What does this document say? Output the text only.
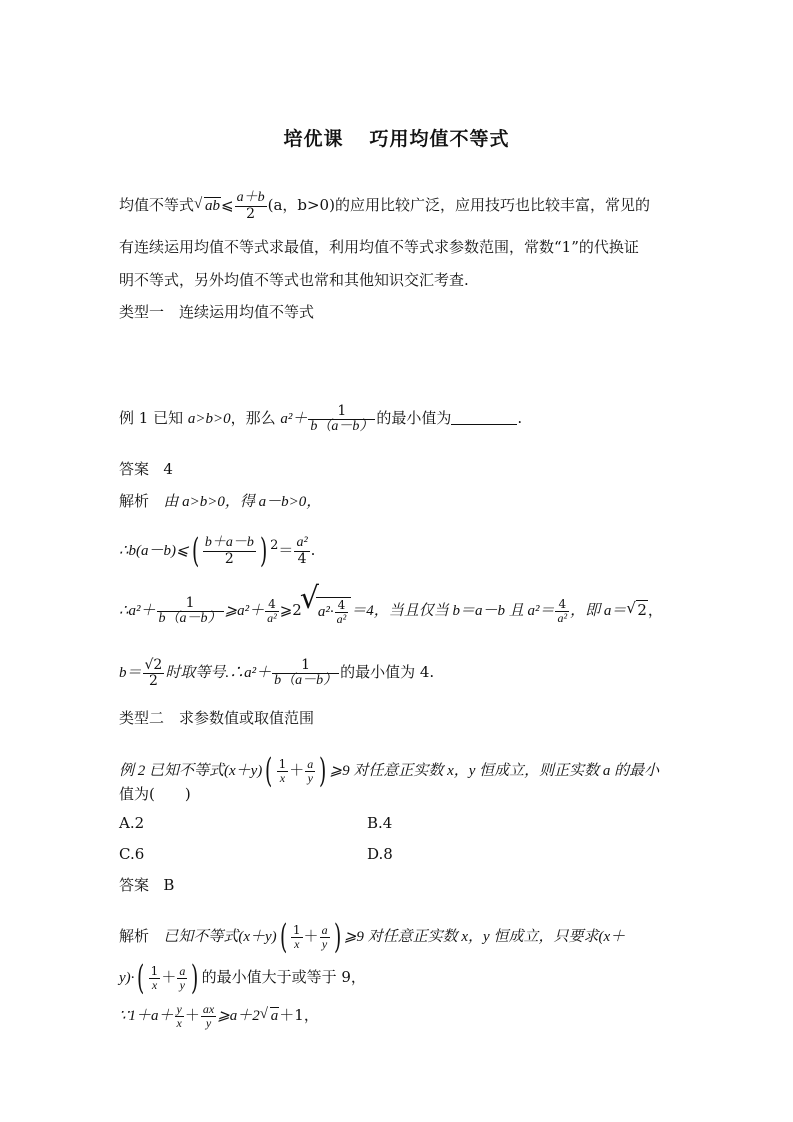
培优课 巧用均值不等式
均值不等式 √ ab⩽ $\frac{a+b}{2} (a$，b>0)的应用比较广泛，应用技巧也比较丰富，常见的
有连续运用均值不等式求最值，利用均值不等式求参数范围，常数“1”的代换证
明不等式，另外均值不等式也常和其他知识交汇考查.
类型一　连续运用均值不等式
例 1 已知 a>b>0，那么 $a^2+ \frac{1}{b(a-b)}$ 的最小值为	.
答案 4
解析 由 a>b>0，得 a－b>0，
∴b(a－b)⩽( $\frac{b+a-b}{2}$ ) $2= \frac{\text{a²}}{4}$ .
∴a²＋ $\frac{1}{b(a-b)}$ ⩾a²＋ $\frac{4}{\text{a²}}$ ⩾2 √ $a^2\cdot \frac{4}{\text{a²}} =4$，当且仅当 b＝a－b 且 $a^2= \frac{4}{\text{a²}}$ ，即 a＝ √ 2，
$b= \frac{√2}{2}$ 时取等号.∴a²＋ $\frac{1}{b(a-b)}$ 的最小值为 4.
类型二　求参数值或取值范围
例 2 已知不等式$(x+y)( \frac{1}{x} + \frac{a}{y}$ ) ⩾9 对任意正实数 x，y 恒成立，则正实数 a 的最小
值为(　　)
A.2	B.4
C.6	D.8
答案 B
解析 已知不等式$(x+y)( \frac{1}{x} + \frac{a}{y}$ ) ⩾9 对任意正实数 x，y 恒成立，只要求(x＋
$y)\cdot( \frac{1}{x} + \frac{a}{y}$ ) 的最小值大于或等于 9，
∵1＋a＋ $\frac{y}{x} + \frac{ax}{y}$ ⩾a＋2 √ a＋1，
